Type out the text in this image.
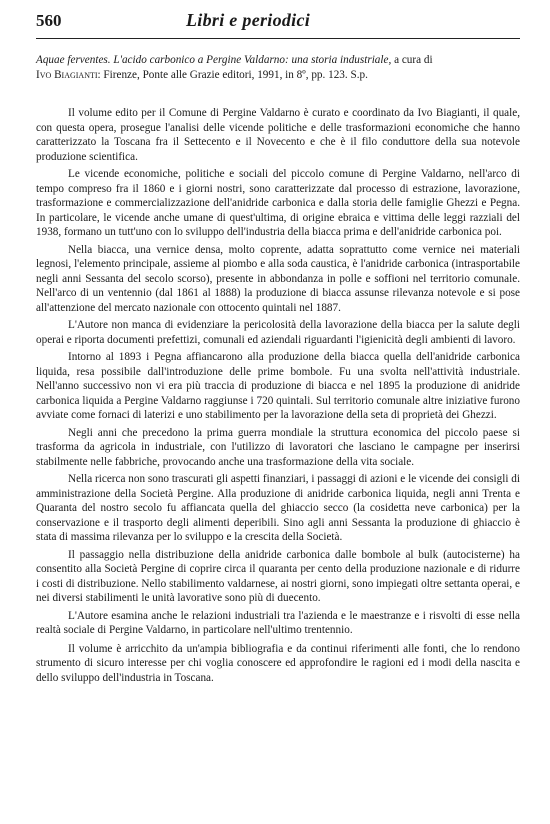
560	Libri e periodici
Aquae ferventes. L'acido carbonico a Pergine Valdarno: una storia industriale, a cura di
Ivo Biagianti: Firenze, Ponte alle Grazie editori, 1991, in 8º, pp. 123. S.p.

Il volume edito per il Comune di Pergine Valdarno è curato e coordinato da Ivo Biagianti, il quale, con questa opera, prosegue l'analisi delle vicende politiche e delle trasformazioni economiche che hanno caratterizzato la Toscana fra il Settecento e il Novecento e che è il filo conduttore della sua notevole produzione scientifica.

Le vicende economiche, politiche e sociali del piccolo comune di Pergine Valdarno, nell'arco di tempo compreso fra il 1860 e i giorni nostri, sono caratterizzate dal processo di estrazione, lavorazione, trasformazione e commercializzazione dell'anidride carbonica e dalla storia delle famiglie Ghezzi e Pegna. In particolare, le vicende anche umane di quest'ultima, di origine ebraica e vittima delle leggi razziali del 1938, formano un tutt'uno con lo sviluppo dell'industria della biacca prima e dell'anidride carbonica poi.

Nella biacca, una vernice densa, molto coprente, adatta soprattutto come vernice nei materiali legnosi, l'elemento principale, assieme al piombo e alla soda caustica, è l'anidride carbonica (intrasportabile negli anni Sessanta del secolo scorso), presente in abbondanza in polle e soffioni nel territorio comunale. Nell'arco di un ventennio (dal 1861 al 1888) la produzione di biacca assunse rilevanza notevole e si pose all'attenzione del mercato nazionale con ottocento quintali nel 1887.

L'Autore non manca di evidenziare la pericolosità della lavorazione della biacca per la salute degli operai e riporta documenti prefettizi, comunali ed aziendali riguardanti l'igienicità degli ambienti di lavoro.

Intorno al 1893 i Pegna affiancarono alla produzione della biacca quella dell'anidride carbonica liquida, resa possibile dall'introduzione delle prime bombole. Fu una svolta nell'attività industriale. Nell'anno successivo non vi era più traccia di produzione di biacca e nel 1895 la produzione di anidride carbonica liquida a Pergine Valdarno raggiunse i 720 quintali. Sul territorio comunale altre iniziative furono avviate come fornaci di laterizi e uno stabilimento per la lavorazione della seta di proprietà dei Ghezzi.

Negli anni che precedono la prima guerra mondiale la struttura economica del piccolo paese si trasforma da agricola in industriale, con l'utilizzo di lavoratori che lasciano le campagne per inserirsi stabilmente nelle fabbriche, provocando anche una trasformazione della vita sociale.

Nella ricerca non sono trascurati gli aspetti finanziari, i passaggi di azioni e le vicende dei consigli di amministrazione della Società Pergine. Alla produzione di anidride carbonica liquida, negli anni Trenta e Quaranta del nostro secolo fu affiancata quella del ghiaccio secco (la cosidetta neve carbonica) per la conservazione e il trasporto degli alimenti deperibili. Sino agli anni Sessanta la produzione di ghiaccio è stata di massima rilevanza per lo sviluppo e la crescita della Società.

Il passaggio nella distribuzione della anidride carbonica dalle bombole al bulk (autocisterne) ha consentito alla Società Pergine di coprire circa il quaranta per cento della produzione nazionale e di ridurre i costi di distribuzione. Nello stabilimento valdarnese, ai nostri giorni, sono impiegati oltre settanta operai, e nei diversi stabilimenti le unità lavorative sono più di duecento.

L'Autore esamina anche le relazioni industriali tra l'azienda e le maestranze e i risvolti di esse nella realtà sociale di Pergine Valdarno, in particolare nell'ultimo trentennio.

Il volume è arricchito da un'ampia bibliografia e da continui riferimenti alle fonti, che lo rendono strumento di sicuro interesse per chi voglia conoscere ed approfondire le ragioni ed i modi della nascita e dello sviluppo dell'industria in Toscana.
